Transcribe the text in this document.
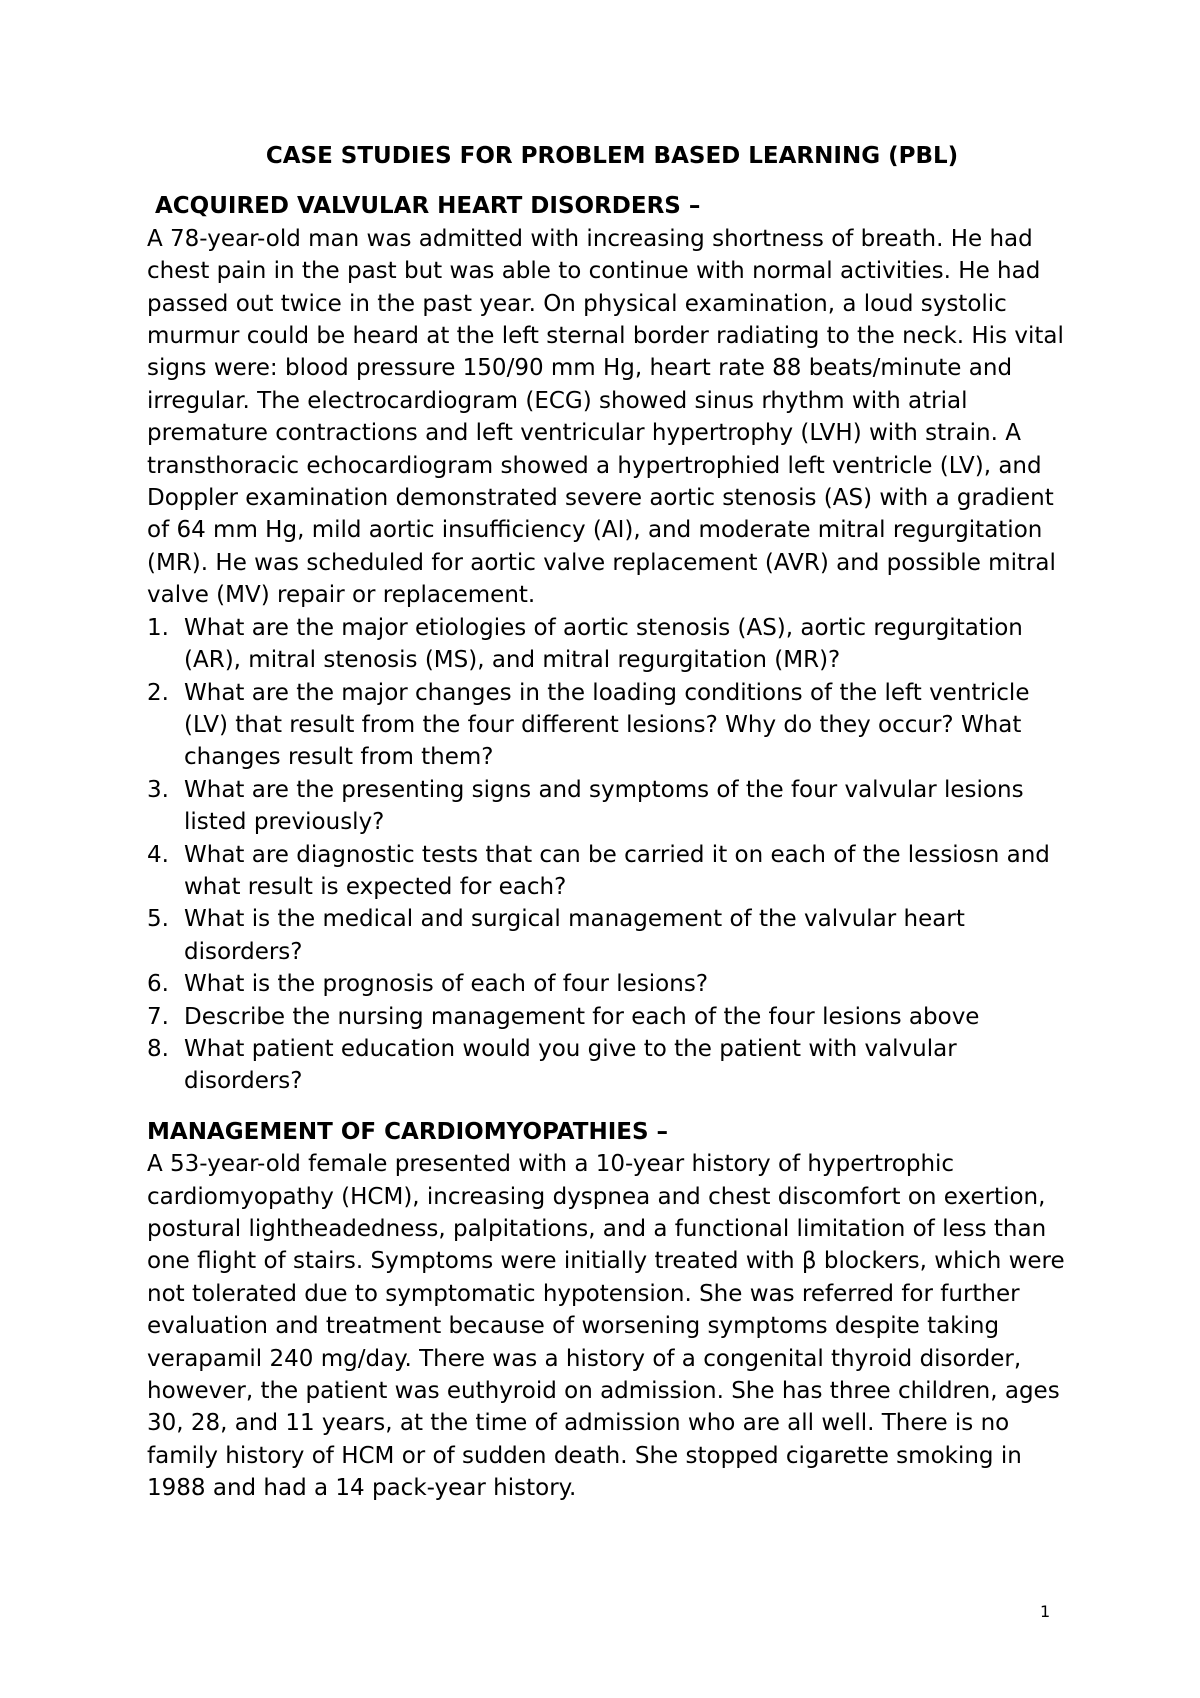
CASE STUDIES FOR PROBLEM BASED LEARNING (PBL)
ACQUIRED VALVULAR HEART DISORDERS –

A 78-year-old man was admitted with increasing shortness of breath. He had chest pain in the past but was able to continue with normal activities. He had passed out twice in the past year. On physical examination, a loud systolic murmur could be heard at the left sternal border radiating to the neck. His vital signs were: blood pressure 150/90 mm Hg, heart rate 88 beats/minute and irregular. The electrocardiogram (ECG) showed sinus rhythm with atrial premature contractions and left ventricular hypertrophy (LVH) with strain. A transthoracic echocardiogram showed a hypertrophied left ventricle (LV), and Doppler examination demonstrated severe aortic stenosis (AS) with a gradient of 64 mm Hg, mild aortic insufficiency (AI), and moderate mitral regurgitation (MR). He was scheduled for aortic valve replacement (AVR) and possible mitral valve (MV) repair or replacement.

1. What are the major etiologies of aortic stenosis (AS), aortic regurgitation (AR), mitral stenosis (MS), and mitral regurgitation (MR)?
2. What are the major changes in the loading conditions of the left ventricle (LV) that result from the four different lesions? Why do they occur? What changes result from them?
3. What are the presenting signs and symptoms of the four valvular lesions listed previously?
4. What are diagnostic tests that can be carried it on each of the lessiosn and what result is expected for each?
5. What is the medical and surgical management of the valvular heart disorders?
6. What is the prognosis of each of four lesions?
7. Describe the nursing management for each of the four lesions above
8. What patient education would you give to the patient with valvular disorders?
MANAGEMENT OF CARDIOMYOPATHIES –

A 53-year-old female presented with a 10-year history of hypertrophic cardiomyopathy (HCM), increasing dyspnea and chest discomfort on exertion, postural lightheadedness, palpitations, and a functional limitation of less than one flight of stairs. Symptoms were initially treated with β blockers, which were not tolerated due to symptomatic hypotension. She was referred for further evaluation and treatment because of worsening symptoms despite taking verapamil 240 mg/day. There was a history of a congenital thyroid disorder, however, the patient was euthyroid on admission. She has three children, ages 30, 28, and 11 years, at the time of admission who are all well. There is no family history of HCM or of sudden death. She stopped cigarette smoking in 1988 and had a 14 pack-year history.

1
